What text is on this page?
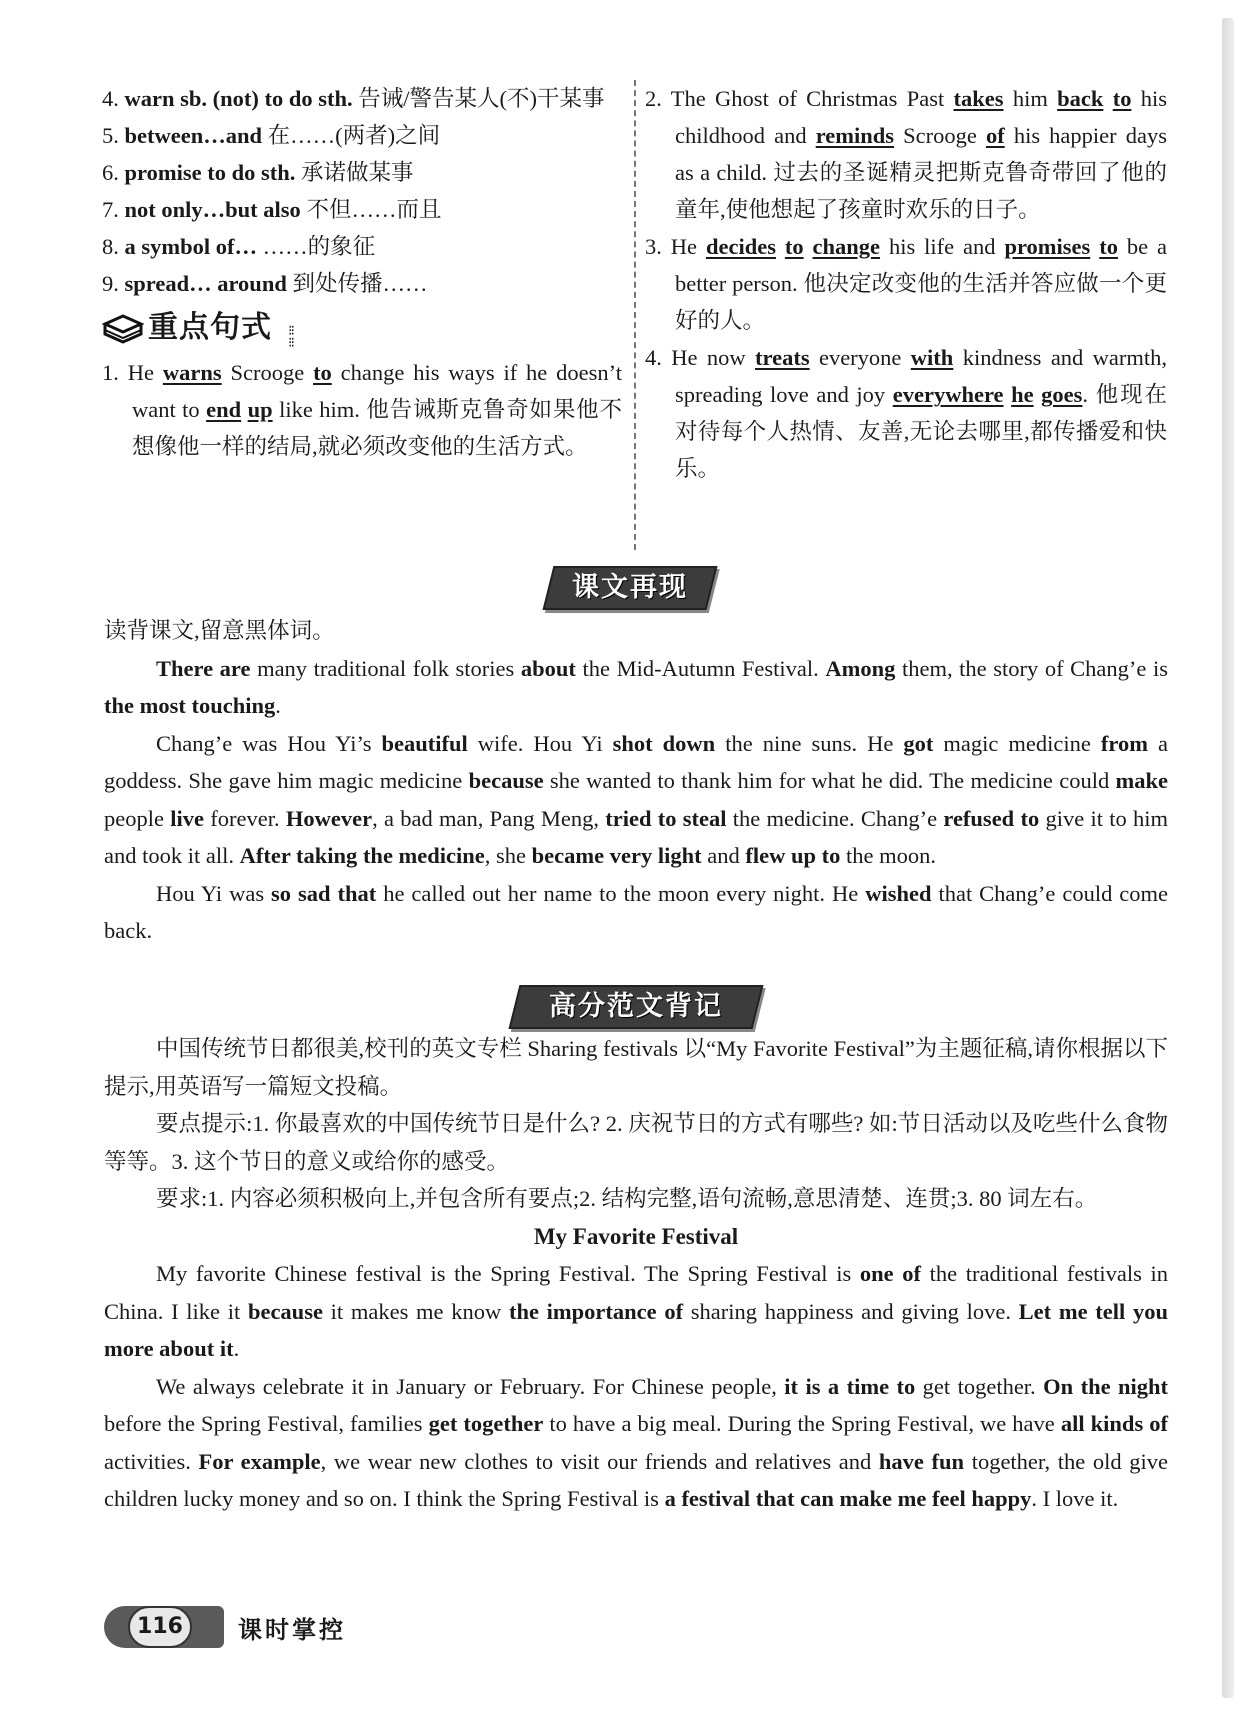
4. warn sb. (not) to do sth. 告诫/警告某人(不)干某事
5. between…and 在……(两者)之间
6. promise to do sth. 承诺做某事
7. not only…but also 不但……而且
8. a symbol of… ……的象征
9. spread… around 到处传播……
重点句式 ⁝⁝
⁝⁝
1. He warns Scrooge to change his ways if he doesn’t want to end up like him. 他告诫斯克鲁奇如果他不想像他一样的结局,就必须改变他的生活方式。
2. The Ghost of Christmas Past takes him back to his childhood and reminds Scrooge of his happier days as a child. 过去的圣诞精灵把斯克鲁奇带回了他的童年,使他想起了孩童时欢乐的日子。
3. He decides to change his life and promises to be a better person. 他决定改变他的生活并答应做一个更好的人。
4. He now treats everyone with kindness and warmth, spreading love and joy everywhere he goes. 他现在对待每个人热情、友善,无论去哪里,都传播爱和快乐。
课文再现

读背课文,留意黑体词。

There are many traditional folk stories about the Mid-Autumn Festival. Among them, the story of Chang’e is the most touching.

Chang’e was Hou Yi’s beautiful wife. Hou Yi shot down the nine suns. He got magic medicine from a goddess. She gave him magic medicine because she wanted to thank him for what he did. The medicine could make people live forever. However, a bad man, Pang Meng, tried to steal the medicine. Chang’e refused to give it to him and took it all. After taking the medicine, she became very light and flew up to the moon.

Hou Yi was so sad that he called out her name to the moon every night. He wished that Chang’e could come back.

高分范文背记

中国传统节日都很美,校刊的英文专栏 Sharing festivals 以“My Favorite Festival”为主题征稿,请你根据以下提示,用英语写一篇短文投稿。

要点提示:1. 你最喜欢的中国传统节日是什么? 2. 庆祝节日的方式有哪些? 如:节日活动以及吃些什么食物等等。3. 这个节日的意义或给你的感受。

要求:1. 内容必须积极向上,并包含所有要点;2. 结构完整,语句流畅,意思清楚、连贯;3. 80 词左右。

My Favorite Festival

My favorite Chinese festival is the Spring Festival. The Spring Festival is one of the traditional festivals in China. I like it because it makes me know the importance of sharing happiness and giving love. Let me tell you more about it.

We always celebrate it in January or February. For Chinese people, it is a time to get together. On the night before the Spring Festival, families get together to have a big meal. During the Spring Festival, we have all kinds of activities. For example, we wear new clothes to visit our friends and relatives and have fun together, the old give children lucky money and so on. I think the Spring Festival is a festival that can make me feel happy. I love it.

116	课时掌控
